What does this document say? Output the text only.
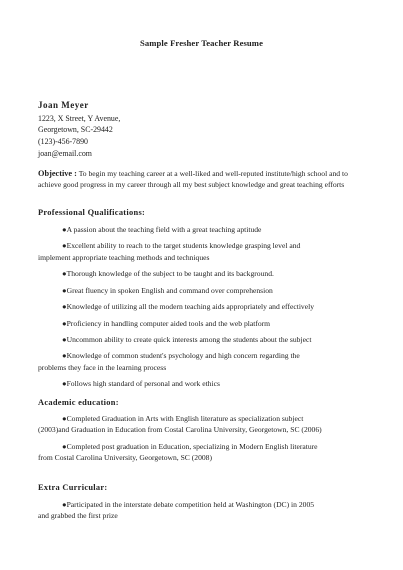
Sample Fresher Teacher Resume
Joan Meyer
1223, X Street, Y Avenue,
Georgetown, SC-29442
(123)-456-7890
joan@email.com
Objective : To begin my teaching career at a well-liked and well-reputed institute/high school and to achieve good progress in my career through all my best subject knowledge and great teaching efforts
Professional Qualifications:
●A passion about the teaching field with a great teaching aptitude
●Excellent ability to reach to the target students knowledge grasping level and
implement appropriate teaching methods and techniques
●Thorough knowledge of the subject to be taught and its background.
●Great fluency in spoken English and command over comprehension
●Knowledge of utilizing all the modern teaching aids appropriately and effectively
●Proficiency in handling computer aided tools and the web platform
●Uncommon ability to create quick interests among the students about the subject
●Knowledge of common student's psychology and high concern regarding the
problems they face in the learning process
●Follows high standard of personal and work ethics
Academic education:
●Completed Graduation in Arts with English literature as specialization subject
(2003)and Graduation in Education from Costal Carolina University, Georgetown, SC (2006)
●Completed post graduation in Education, specializing in Modern English literature
from Costal Carolina University, Georgetown, SC (2008)
Extra Curricular:
●Participated in the interstate debate competition held at Washington (DC) in 2005
and grabbed the first prize
